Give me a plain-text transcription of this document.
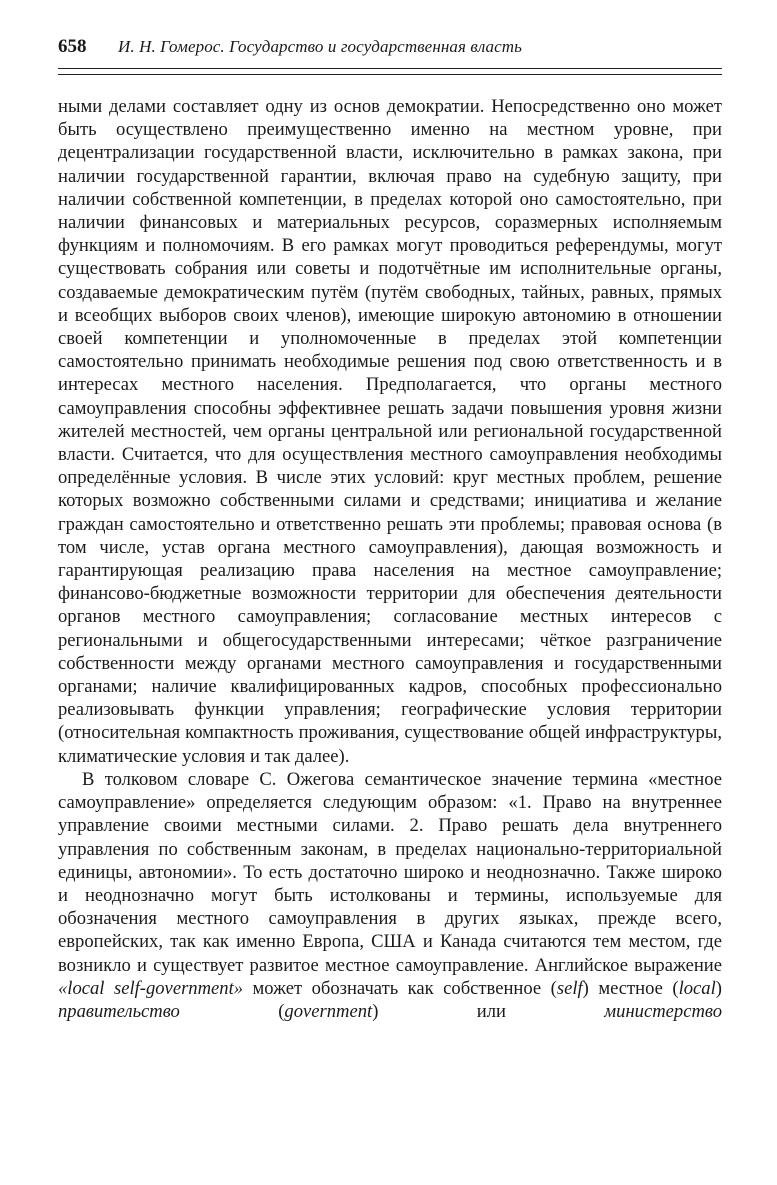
658	И. Н. Гомерос. Государство и государственная власть

ными делами составляет одну из основ демократии. Непосредственно оно может быть осуществлено преимущественно именно на местном уровне, при децентрализации государственной власти, исключительно в рамках закона, при наличии государственной гарантии, включая право на судебную защиту, при наличии собственной компетенции, в пределах которой оно самостоятельно, при наличии финансовых и материальных ресурсов, соразмерных исполняемым функциям и полномочиям. В его рамках могут проводиться референдумы, могут существовать собрания или советы и подотчётные им исполнительные органы, создаваемые демократическим путём (путём свободных, тайных, равных, прямых и всеобщих выборов своих членов), имеющие широкую автономию в отношении своей компетенции и уполномоченные в пределах этой компетенции самостоятельно принимать необходимые решения под свою ответственность и в интересах местного населения. Предполагается, что органы местного самоуправления способны эффективнее решать задачи повышения уровня жизни жителей местностей, чем органы центральной или региональной государственной власти. Считается, что для осуществления местного самоуправления необходимы определённые условия. В числе этих условий: круг местных проблем, решение которых возможно собственными силами и средствами; инициатива и желание граждан самостоятельно и ответственно решать эти проблемы; правовая основа (в том числе, устав органа местного самоуправления), дающая возможность и гарантирующая реализацию права населения на местное самоуправление; финансово-бюджетные возможности территории для обеспечения деятельности органов местного самоуправления; согласование местных интересов с региональными и общегосударственными интересами; чёткое разграничение собственности между органами местного самоуправления и государственными органами; наличие квалифицированных кадров, способных профессионально реализовывать функции управления; географические условия территории (относительная компактность проживания, существование общей инфраструктуры, климатические условия и так далее).

В толковом словаре С. Ожегова семантическое значение термина «местное самоуправление» определяется следующим образом: «1. Право на внутреннее управление своими местными силами. 2. Право решать дела внутреннего управления по собственным законам, в пределах национально-территориальной единицы, автономии». То есть достаточно широко и неоднозначно. Также широко и неоднозначно могут быть истолкованы и термины, используемые для обозначения местного самоуправления в других языках, прежде всего, европейских, так как именно Европа, США и Канада считаются тем местом, где возникло и существует развитое местное самоуправление. Английское выражение «local self-government» может обозначать как собственное (self) местное (local) правительство (government) или министерство
